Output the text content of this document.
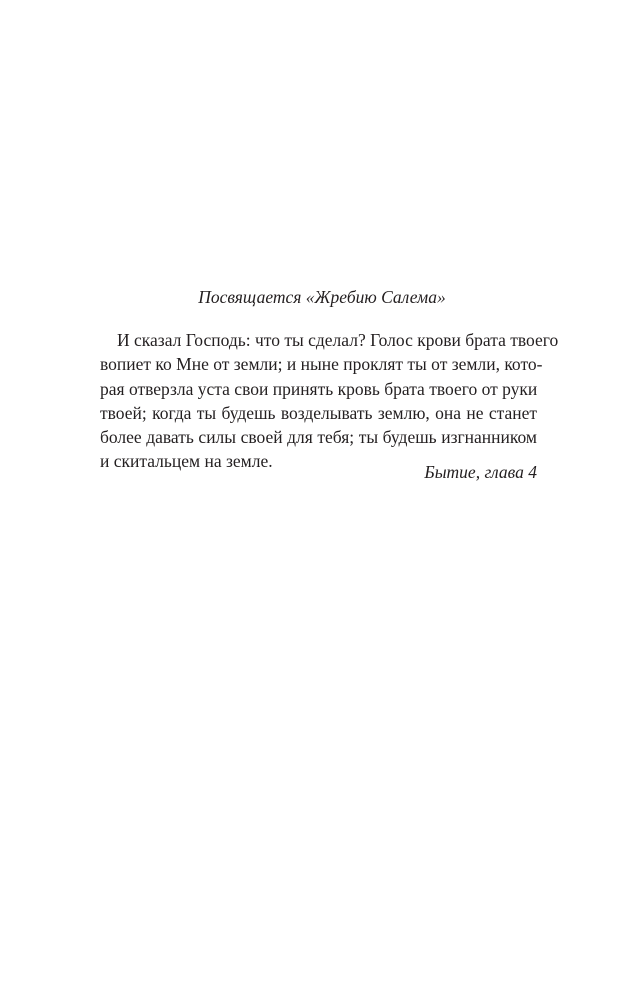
Посвящается «Жребию Салема»

И сказал Господь: что ты сделал? Голос крови брата твоего
вопиет ко Мне от земли; и ныне проклят ты от земли, кото-
рая отверзла уста свои принять кровь брата твоего от руки
твоей; когда ты будешь возделывать землю, она не станет
более давать силы своей для тебя; ты будешь изгнанником
и скитальцем на земле.

Бытие, глава 4
